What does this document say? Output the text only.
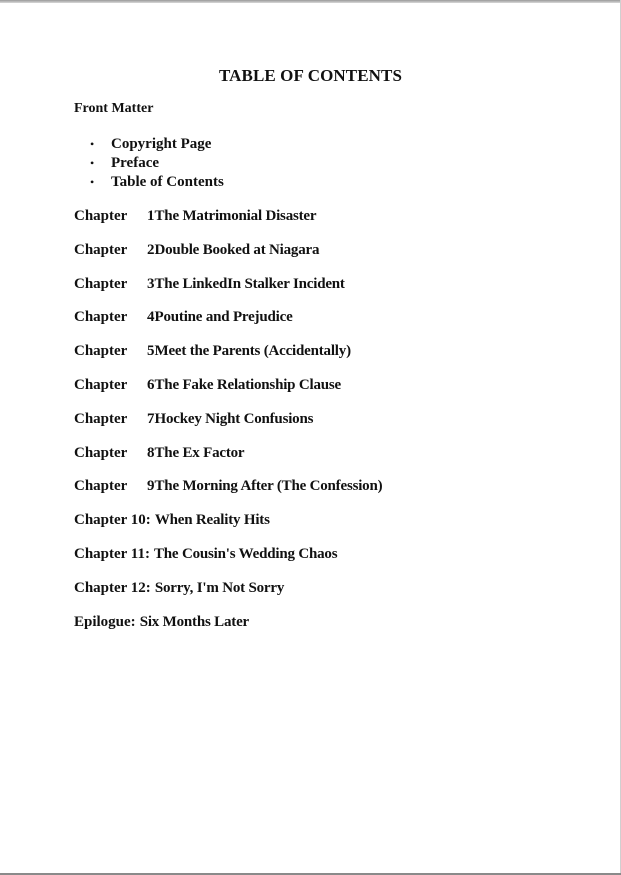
TABLE OF CONTENTS
Front Matter
•	Copyright Page
•	Preface
•	Table of Contents
Chapter 1The Matrimonial Disaster
Chapter 2Double Booked at Niagara
Chapter 3The LinkedIn Stalker Incident
Chapter 4Poutine and Prejudice
Chapter 5Meet the Parents (Accidentally)
Chapter 6The Fake Relationship Clause
Chapter 7Hockey Night Confusions
Chapter 8The Ex Factor
Chapter 9The Morning After (The Confession)
Chapter 10: When Reality Hits
Chapter 11: The Cousin's Wedding Chaos
Chapter 12: Sorry, I'm Not Sorry
Epilogue: Six Months Later
